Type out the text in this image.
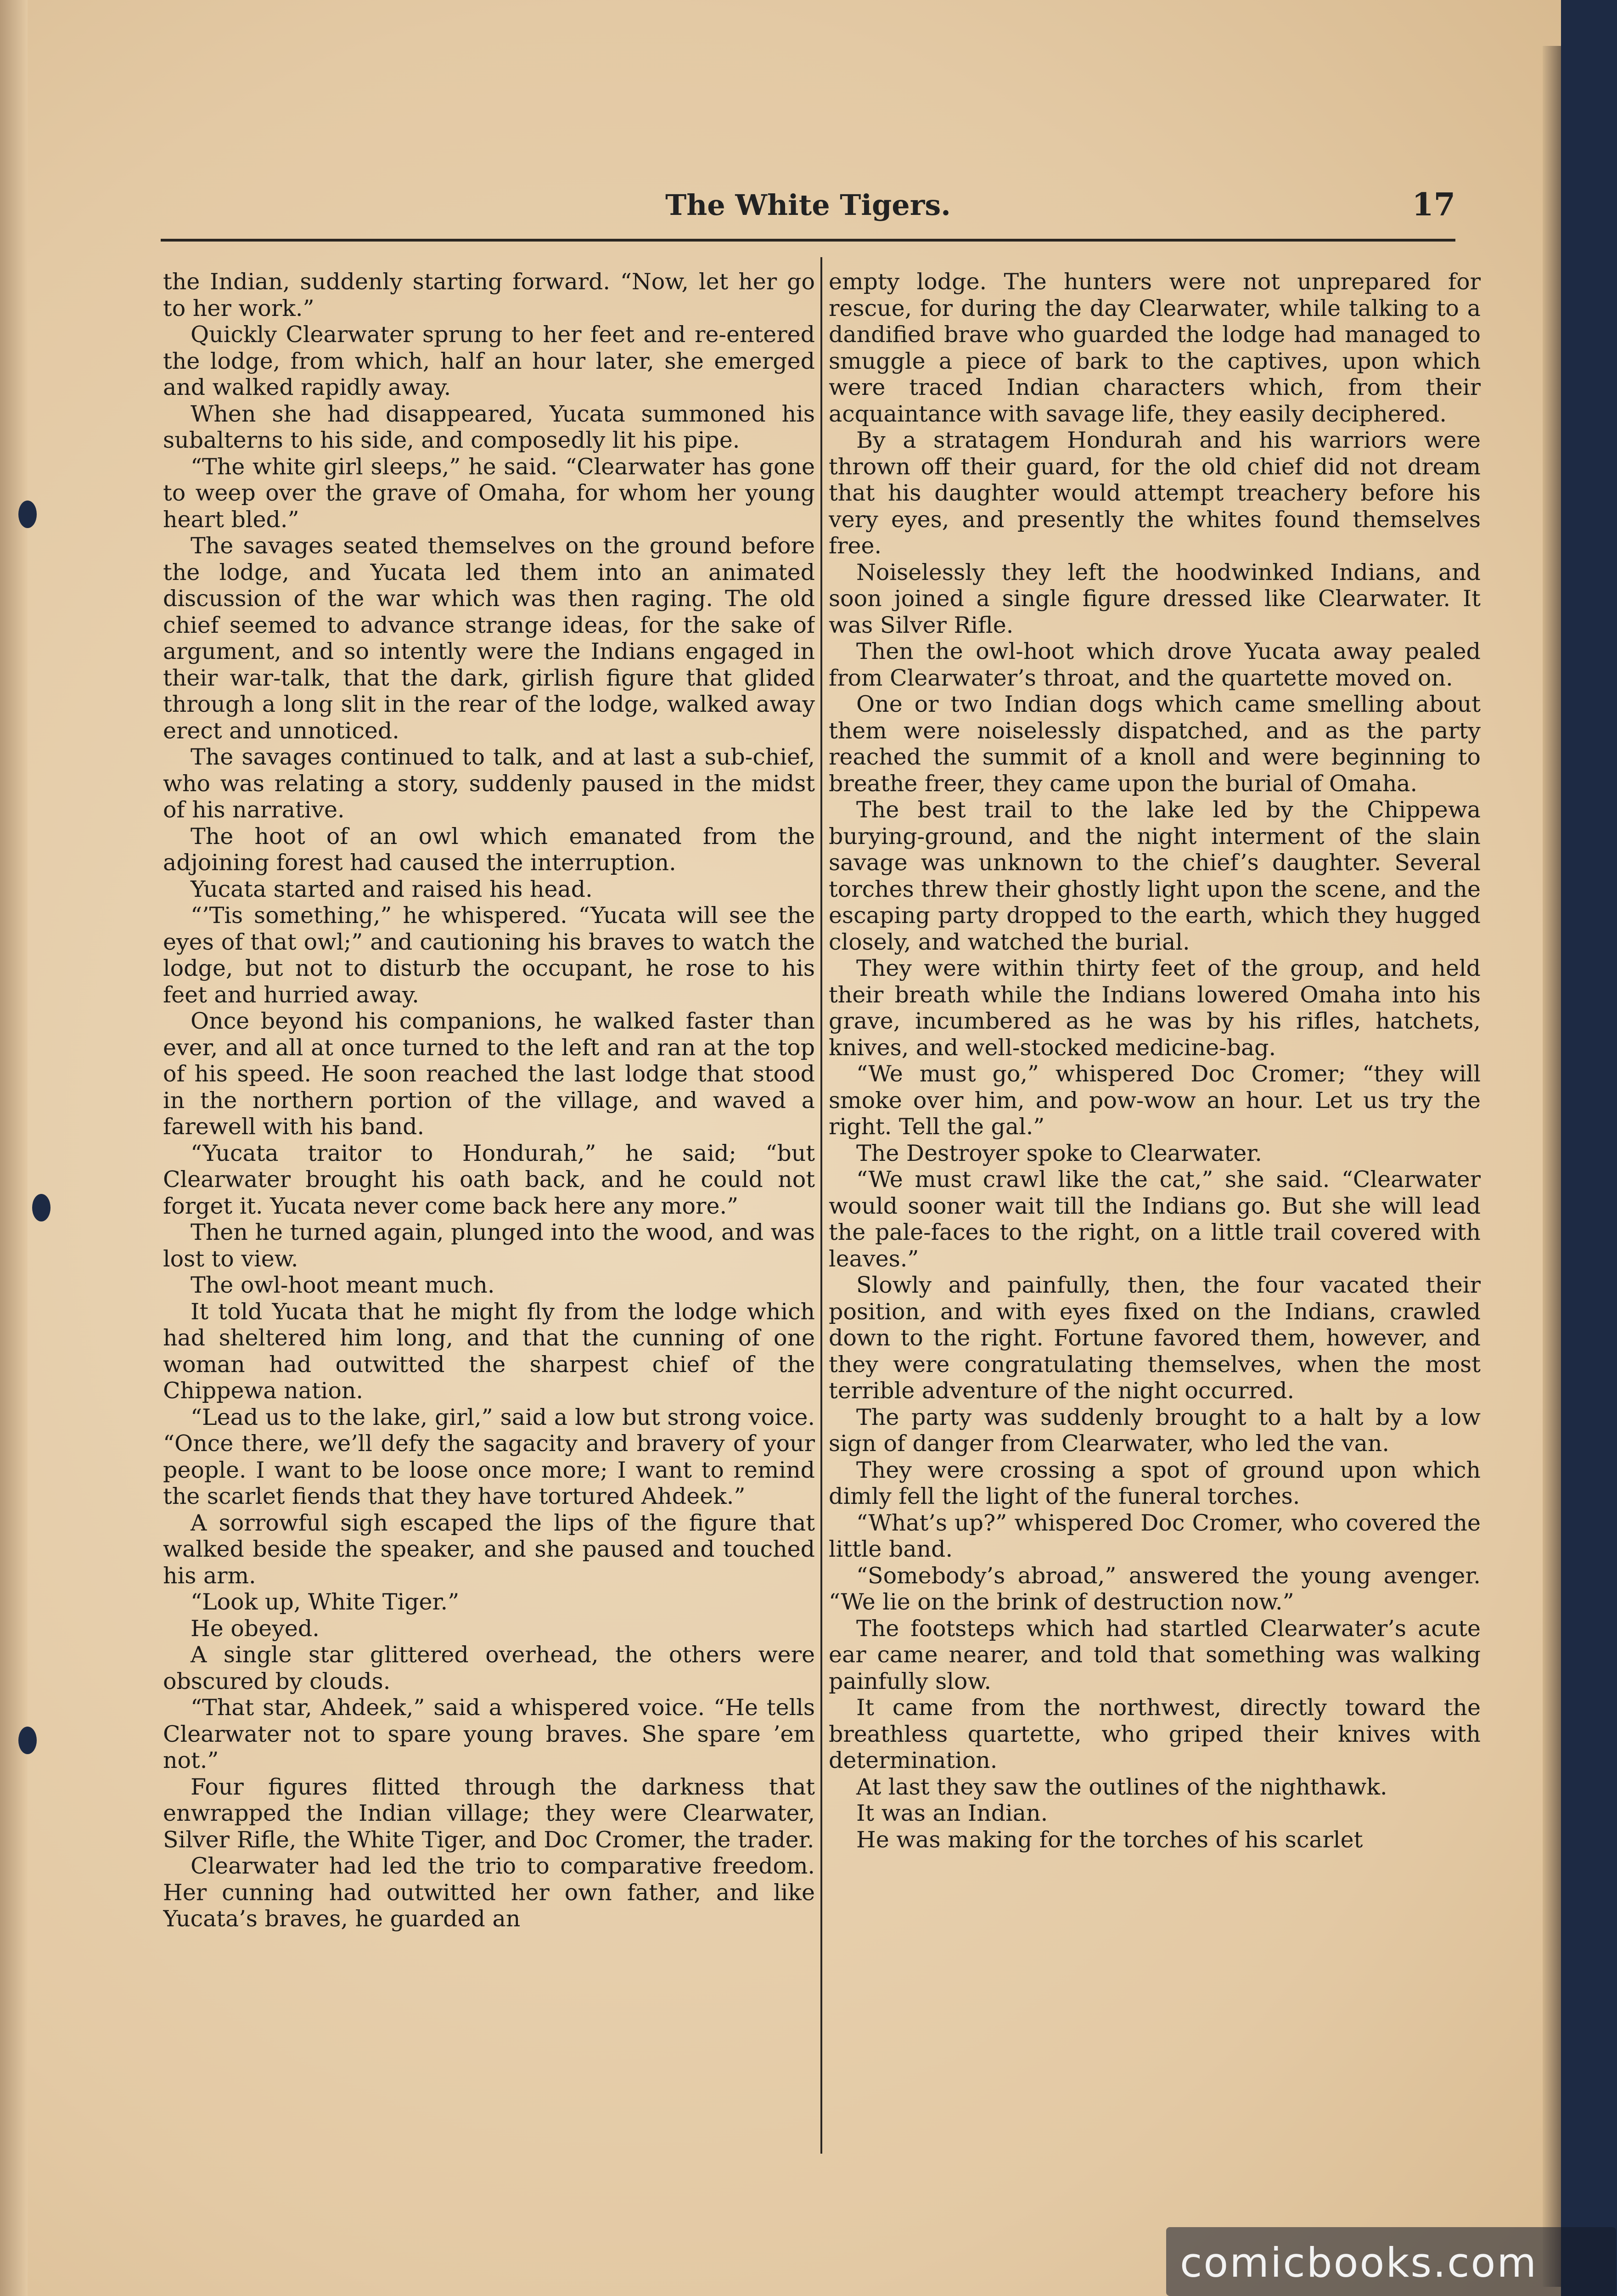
The White Tigers.	17

the Indian, suddenly starting forward. “Now, let her go to her work.”

Quickly Clearwater sprung to her feet and re-entered the lodge, from which, half an hour later, she emerged and walked rapidly away.

When she had disappeared, Yucata summoned his subalterns to his side, and composedly lit his pipe.

“The white girl sleeps,” he said. “Clearwater has gone to weep over the grave of Omaha, for whom her young heart bled.”

The savages seated themselves on the ground before the lodge, and Yucata led them into an animated discussion of the war which was then raging. The old chief seemed to advance strange ideas, for the sake of argument, and so intently were the Indians engaged in their war-talk, that the dark, girlish figure that glided through a long slit in the rear of the lodge, walked away erect and unnoticed.

The savages continued to talk, and at last a sub-chief, who was relating a story, suddenly paused in the midst of his narrative.

The hoot of an owl which emanated from the adjoining forest had caused the interruption.

Yucata started and raised his head.

“’Tis something,” he whispered. “Yucata will see the eyes of that owl;” and cautioning his braves to watch the lodge, but not to disturb the occupant, he rose to his feet and hurried away.

Once beyond his companions, he walked faster than ever, and all at once turned to the left and ran at the top of his speed. He soon reached the last lodge that stood in the northern portion of the village, and waved a farewell with his band.

“Yucata traitor to Hondurah,” he said; “but Clearwater brought his oath back, and he could not forget it. Yucata never come back here any more.”

Then he turned again, plunged into the wood, and was lost to view.

The owl-hoot meant much.

It told Yucata that he might fly from the lodge which had sheltered him long, and that the cunning of one woman had outwitted the sharpest chief of the Chippewa nation.

“Lead us to the lake, girl,” said a low but strong voice. “Once there, we’ll defy the sagacity and bravery of your people. I want to be loose once more; I want to remind the scarlet fiends that they have tortured Ahdeek.”

A sorrowful sigh escaped the lips of the figure that walked beside the speaker, and she paused and touched his arm.

“Look up, White Tiger.”

He obeyed.

A single star glittered overhead, the others were obscured by clouds.

“That star, Ahdeek,” said a whispered voice. “He tells Clearwater not to spare young braves. She spare ’em not.”

Four figures flitted through the darkness that enwrapped the Indian village; they were Clearwater, Silver Rifle, the White Tiger, and Doc Cromer, the trader.

Clearwater had led the trio to comparative freedom. Her cunning had outwitted her own father, and like Yucata’s braves, he guarded an

empty lodge. The hunters were not unprepared for rescue, for during the day Clearwater, while talking to a dandified brave who guarded the lodge had managed to smuggle a piece of bark to the captives, upon which were traced Indian characters which, from their acquaintance with savage life, they easily deciphered.

By a stratagem Hondurah and his warriors were thrown off their guard, for the old chief did not dream that his daughter would attempt treachery before his very eyes, and presently the whites found themselves free.

Noiselessly they left the hoodwinked Indians, and soon joined a single figure dressed like Clearwater. It was Silver Rifle.

Then the owl-hoot which drove Yucata away pealed from Clearwater’s throat, and the quartette moved on.

One or two Indian dogs which came smelling about them were noiselessly dispatched, and as the party reached the summit of a knoll and were beginning to breathe freer, they came upon the burial of Omaha.

The best trail to the lake led by the Chippewa burying-ground, and the night interment of the slain savage was unknown to the chief’s daughter. Several torches threw their ghostly light upon the scene, and the escaping party dropped to the earth, which they hugged closely, and watched the burial.

They were within thirty feet of the group, and held their breath while the Indians lowered Omaha into his grave, incumbered as he was by his rifles, hatchets, knives, and well-stocked medicine-bag.

“We must go,” whispered Doc Cromer; “they will smoke over him, and pow-wow an hour. Let us try the right. Tell the gal.”

The Destroyer spoke to Clearwater.

“We must crawl like the cat,” she said. “Clearwater would sooner wait till the Indians go. But she will lead the pale-faces to the right, on a little trail covered with leaves.”

Slowly and painfully, then, the four vacated their position, and with eyes fixed on the Indians, crawled down to the right. Fortune favored them, however, and they were congratulating themselves, when the most terrible adventure of the night occurred.

The party was suddenly brought to a halt by a low sign of danger from Clearwater, who led the van.

They were crossing a spot of ground upon which dimly fell the light of the funeral torches.

“What’s up?” whispered Doc Cromer, who covered the little band.

“Somebody’s abroad,” answered the young avenger. “We lie on the brink of destruction now.”

The footsteps which had startled Clearwater’s acute ear came nearer, and told that something was walking painfully slow.

It came from the northwest, directly toward the breathless quartette, who griped their knives with determination.

At last they saw the outlines of the nighthawk.

It was an Indian.

He was making for the torches of his scarlet

comicbooks.com
